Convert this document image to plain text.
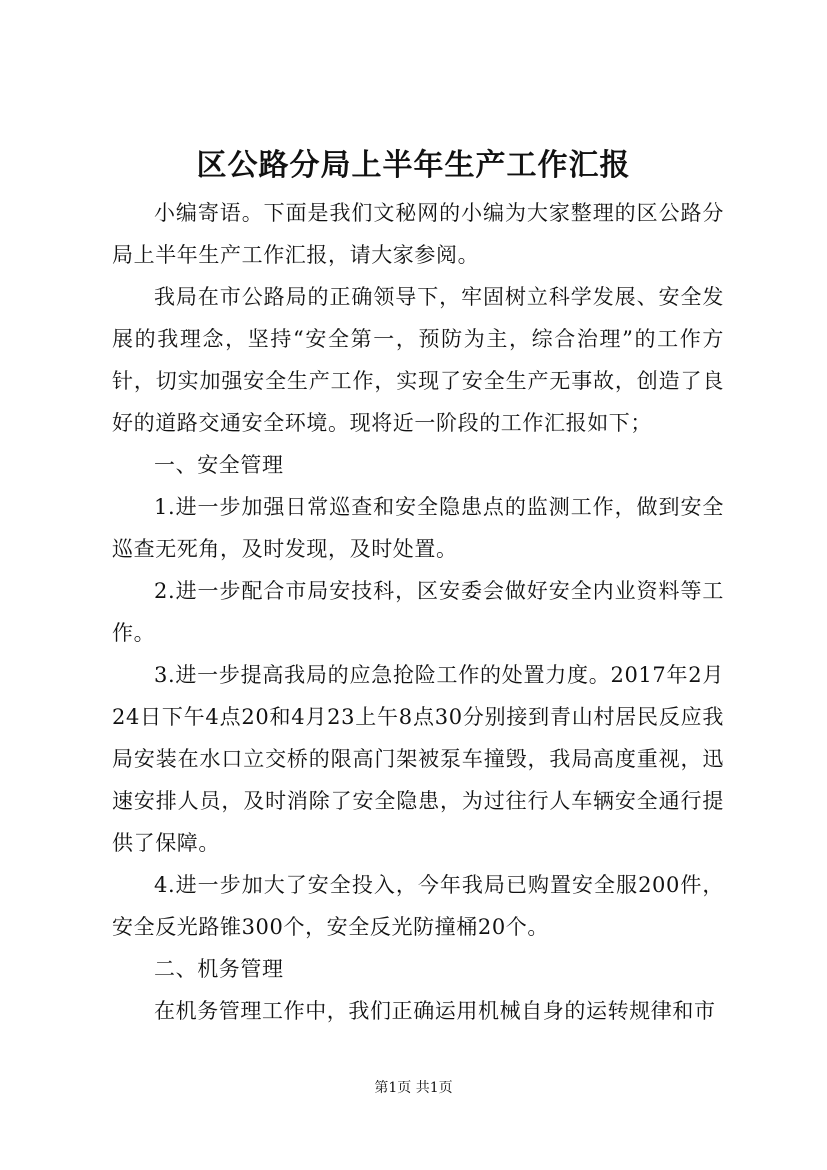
区公路分局上半年生产工作汇报

小编寄语。下面是我们文秘网的小编为大家整理的区公路分局上半年生产工作汇报，请大家参阅。

我局在市公路局的正确领导下，牢固树立科学发展、安全发展的我理念，坚持“安全第一，预防为主，综合治理”的工作方针，切实加强安全生产工作，实现了安全生产无事故，创造了良好的道路交通安全环境。现将近一阶段的工作汇报如下；

一、安全管理

1.进一步加强日常巡查和安全隐患点的监测工作，做到安全巡查无死角，及时发现，及时处置。

2.进一步配合市局安技科，区安委会做好安全内业资料等工作。

3.进一步提高我局的应急抢险工作的处置力度。2017年2月24日下午4点20和4月23上午8点30分别接到青山村居民反应我局安装在水口立交桥的限高门架被泵车撞毁，我局高度重视，迅速安排人员，及时消除了安全隐患，为过往行人车辆安全通行提供了保障。

4.进一步加大了安全投入，今年我局已购置安全服200件，安全反光路锥300个，安全反光防撞桶20个。

二、机务管理

在机务管理工作中，我们正确运用机械自身的运转规律和市

第1页 共1页
